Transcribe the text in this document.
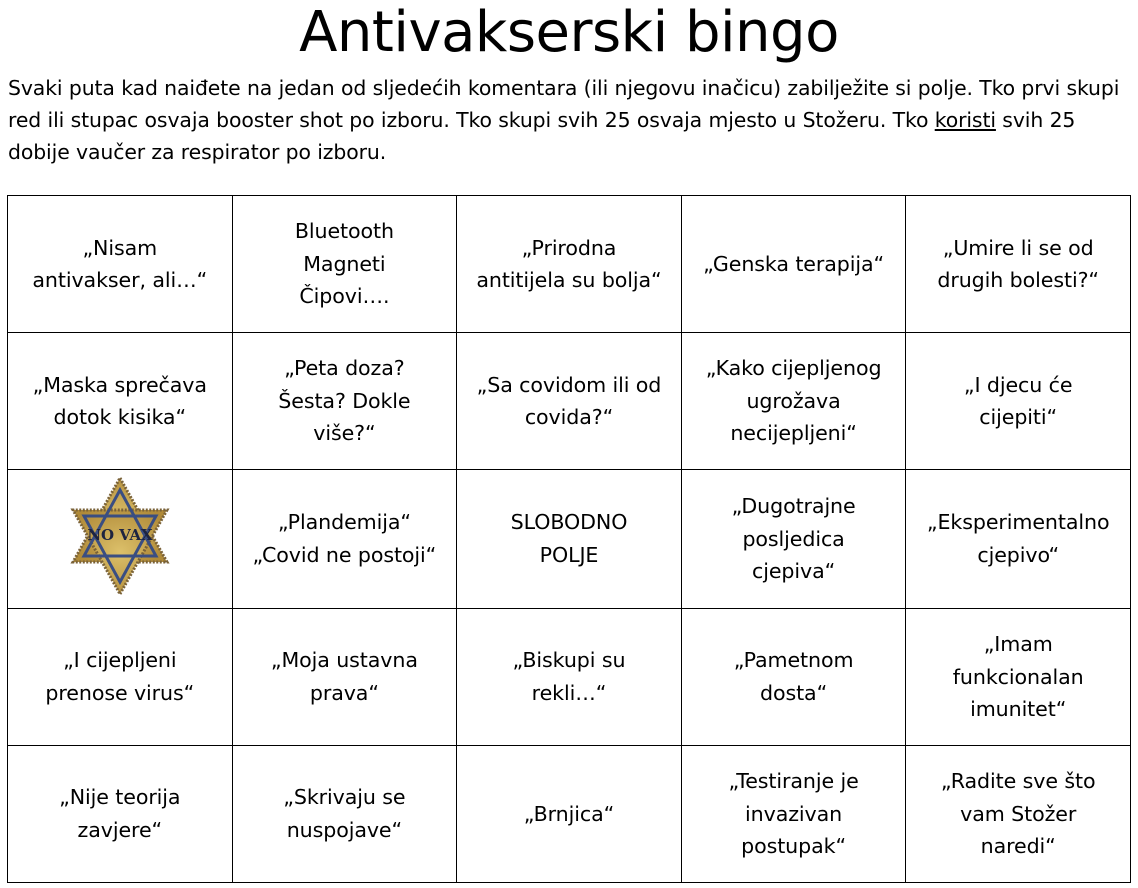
Antivakserski bingo
Svaki puta kad naiđete na jedan od sljedećih komentara (ili njegovu inačicu) zabilježite si polje. Tko prvi skupi red ili stupac osvaja booster shot po izboru. Tko skupi svih 25 osvaja mjesto u Stožeru. Tko koristi svih 25 dobije vaučer za respirator po izboru.
„Nisam
antivakser, ali…“	Bluetooth
Magneti
Čipovi….	„Prirodna
antitijela su bolja“	„Genska terapija“	„Umire li se od
drugih bolesti?“

„Maska sprečava
dotok kisika“	„Peta doza?
Šesta? Dokle
više?“	„Sa covidom ili od
covida?“	„Kako cijepljenog
ugrožava
necijepljeni“	„I djecu će
cijepiti“

NO VAX	„Plandemija“
„Covid ne postoji“	SLOBODNO
POLJE	„Dugotrajne
posljedica
cjepiva“	„Eksperimentalno
cjepivo“

„I cijepljeni
prenose virus“	„Moja ustavna
prava“	„Biskupi su
rekli…“	„Pametnom
dosta“	„Imam
funkcionalan
imunitet“

„Nije teorija
zavjere“	„Skrivaju se
nuspojave“	„Brnjica“	„Testiranje je
invazivan
postupak“	„Radite sve što
vam Stožer
naredi“
